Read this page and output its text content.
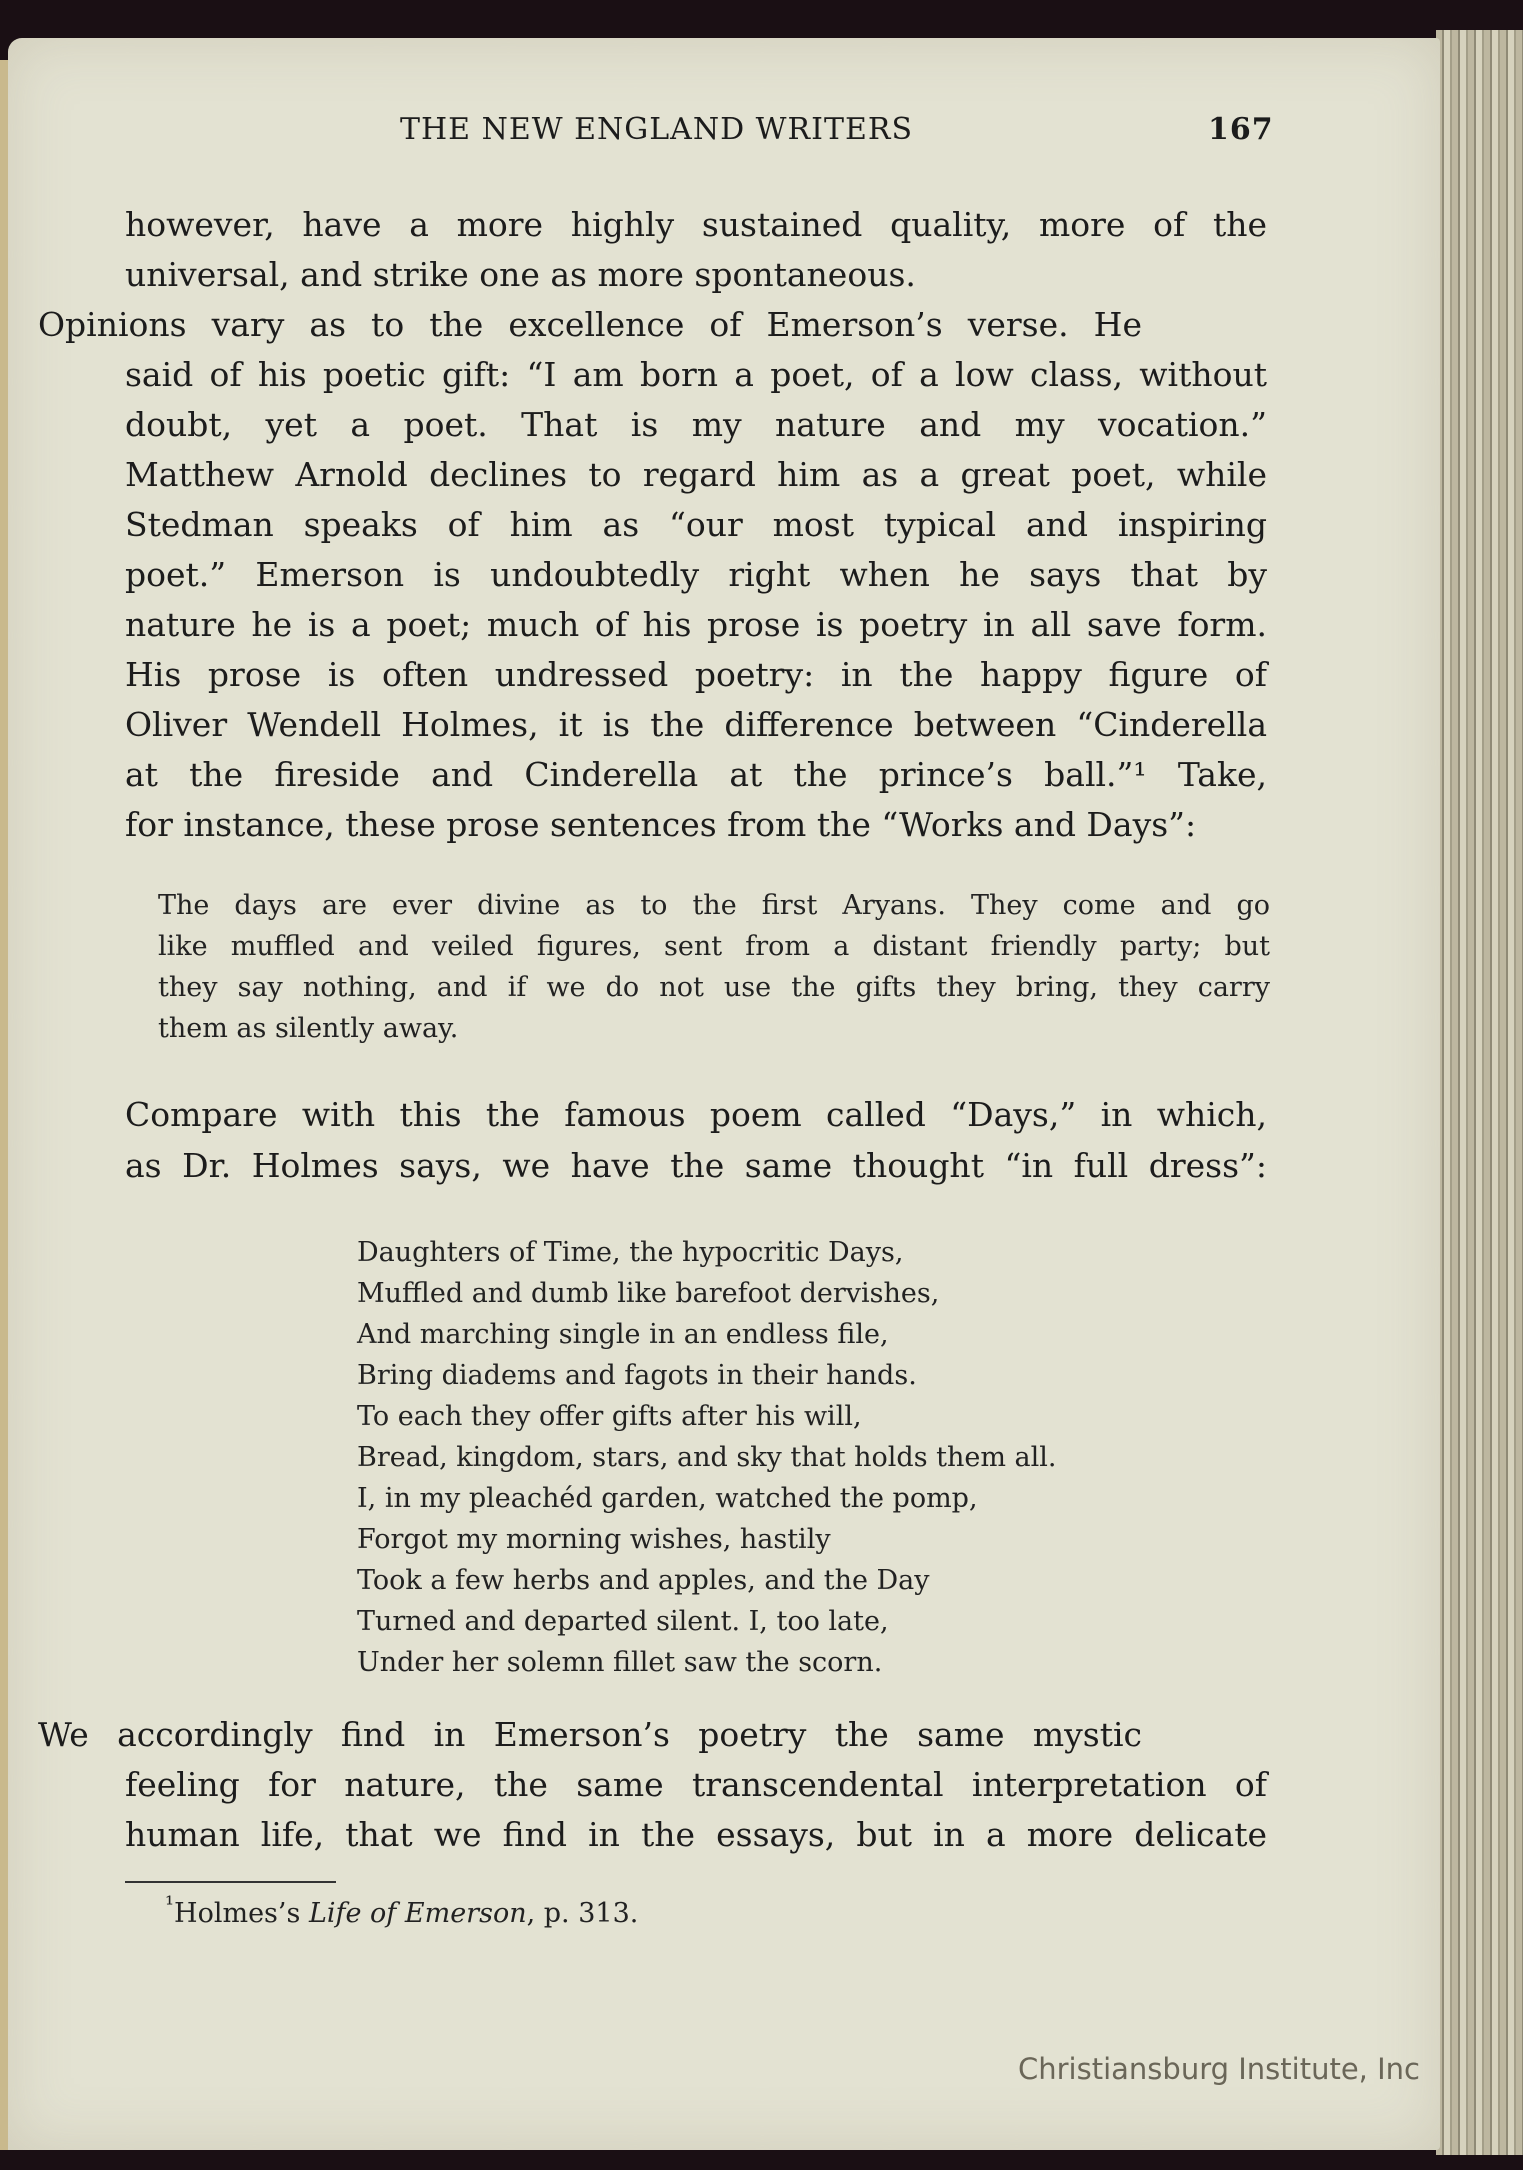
THE NEW ENGLAND WRITERS	167
however, have a more highly sustained quality, more of the
universal, and strike one as more spontaneous.
Opinions vary as to the excellence of Emerson’s verse. He
said of his poetic gift: “I am born a poet, of a low class, without
doubt, yet a poet. That is my nature and my vocation.”
Matthew Arnold declines to regard him as a great poet, while
Stedman speaks of him as “our most typical and inspiring
poet.” Emerson is undoubtedly right when he says that by
nature he is a poet; much of his prose is poetry in all save form.
His prose is often undressed poetry: in the happy figure of
Oliver Wendell Holmes, it is the difference between “Cinderella
at the fireside and Cinderella at the prince’s ball.”¹ Take,
for instance, these prose sentences from the “Works and Days”:
The days are ever divine as to the first Aryans. They come and go
like muffled and veiled figures, sent from a distant friendly party; but
they say nothing, and if we do not use the gifts they bring, they carry
them as silently away.
Compare with this the famous poem called “Days,” in which,
as Dr. Holmes says, we have the same thought “in full dress”:
Daughters of Time, the hypocritic Days,
Muffled and dumb like barefoot dervishes,
And marching single in an endless file,
Bring diadems and fagots in their hands.
To each they offer gifts after his will,
Bread, kingdom, stars, and sky that holds them all.
I, in my pleachéd garden, watched the pomp,
Forgot my morning wishes, hastily
Took a few herbs and apples, and the Day
Turned and departed silent. I, too late,
Under her solemn fillet saw the scorn.
We accordingly find in Emerson’s poetry the same mystic
feeling for nature, the same transcendental interpretation of
human life, that we find in the essays, but in a more delicate
$^{^1}$Holmes’s Life of Emerson, p. 313.
Christiansburg Institute, Inc
